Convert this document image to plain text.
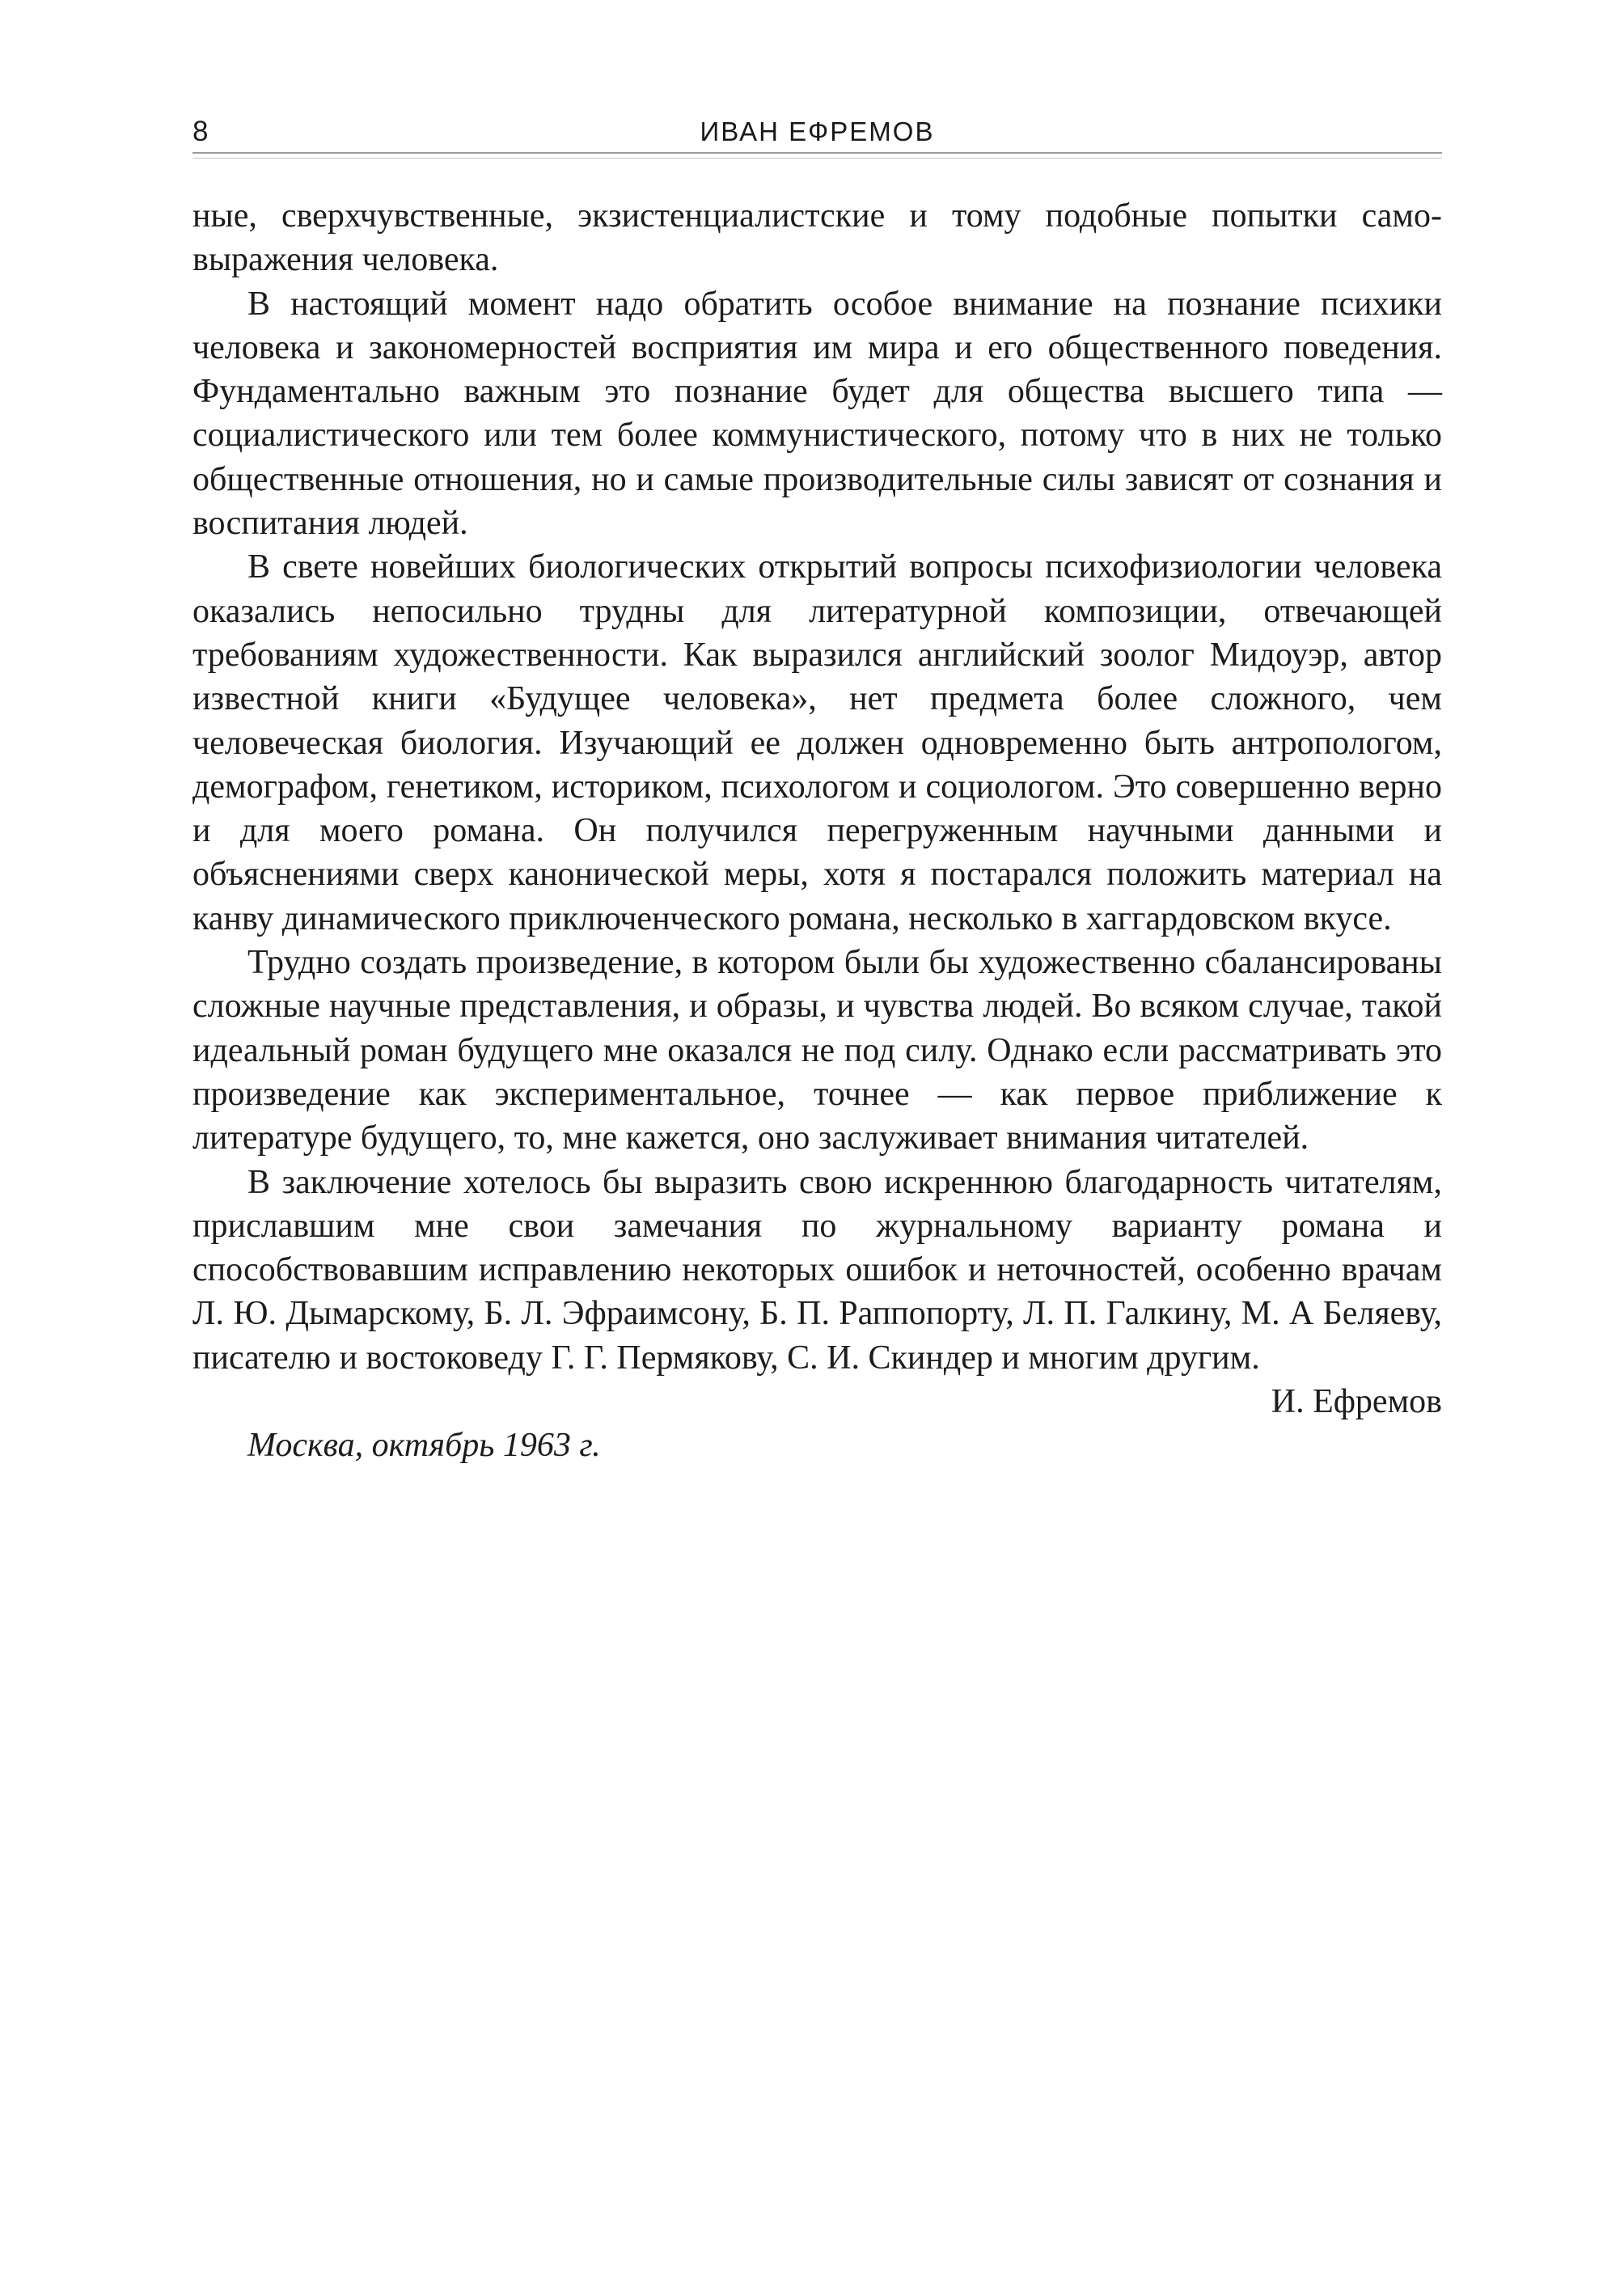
8	ИВАН ЕФРЕМОВ

ные, сверхчувственные, экзистенциалистские и тому подобные попытки самовыражения человека.

В настоящий момент надо обратить особое внимание на познание психики человека и закономерностей восприятия им мира и его общественного поведения. Фундаментально важным это познание будет для общества высшего типа — социалистического или тем более коммунистического, потому что в них не только общественные отношения, но и самые производительные силы зависят от сознания и воспитания людей.

В свете новейших биологических открытий вопросы психофизиологии человека оказались непосильно трудны для литературной композиции, отвечающей требованиям художественности. Как выразился английский зоолог Мидоуэр, автор известной книги «Будущее человека», нет предмета более сложного, чем человеческая биология. Изучающий ее должен одновременно быть антропологом, демографом, генетиком, историком, психологом и социологом. Это совершенно верно и для моего романа. Он получился перегруженным научными данными и объяснениями сверх канонической меры, хотя я постарался положить материал на канву динамического приключенческого романа, несколько в хаггардовском вкусе.

Трудно создать произведение, в котором были бы художественно сбалансированы сложные научные представления, и образы, и чувства людей. Во всяком случае, такой идеальный роман будущего мне оказался не под силу. Однако если рассматривать это произведение как экспериментальное, точнее — как первое приближение к литературе будущего, то, мне кажется, оно заслуживает внимания читателей.

В заключение хотелось бы выразить свою искреннюю благодарность читателям, приславшим мне свои замечания по журнальному варианту романа и способствовавшим исправлению некоторых ошибок и неточностей, особенно врачам Л. Ю. Дымарскому, Б. Л. Эфраимсону, Б. П. Раппопорту, Л. П. Галкину, М. А Беляеву, писателю и востоковеду Г. Г. Пермякову, С. И. Скиндер и многим другим.

И. Ефремов

Москва, октябрь 1963 г.
